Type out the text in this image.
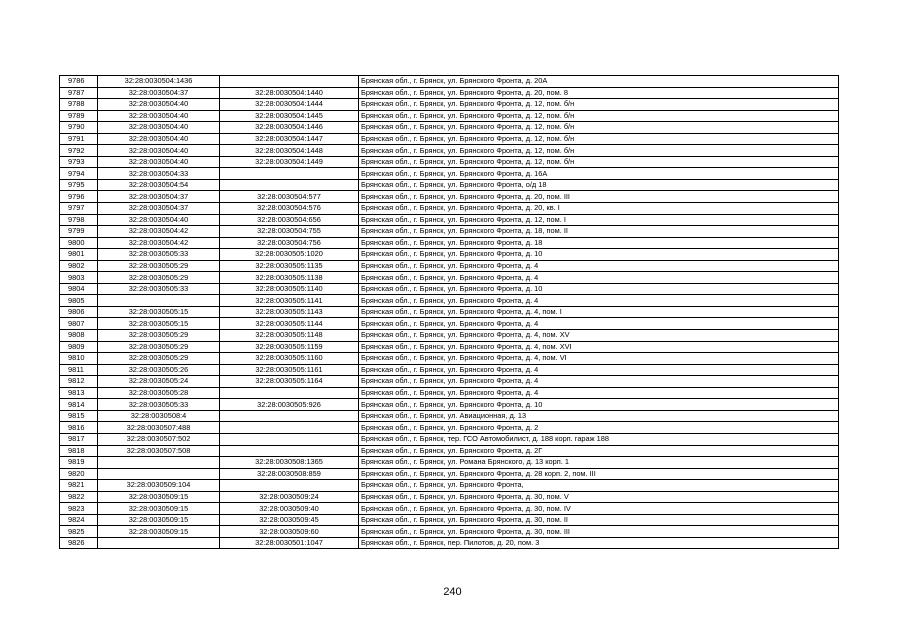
9786	32:28:0030504:1436		Брянская обл., г. Брянск, ул. Брянского Фронта, д. 20А
9787	32:28:0030504:37	32:28:0030504:1440	Брянская обл., г. Брянск, ул. Брянского Фронта, д. 20, пом. 8
9788	32:28:0030504:40	32:28:0030504:1444	Брянская обл., г. Брянск, ул. Брянского Фронта, д. 12, пом. б/н
9789	32:28:0030504:40	32:28:0030504:1445	Брянская обл., г. Брянск, ул. Брянского Фронта, д. 12, пом. б/н
9790	32:28:0030504:40	32:28:0030504:1446	Брянская обл., г. Брянск, ул. Брянского Фронта, д. 12, пом. б/н
9791	32:28:0030504:40	32:28:0030504:1447	Брянская обл., г. Брянск, ул. Брянского Фронта, д. 12, пом. б/н
9792	32:28:0030504:40	32:28:0030504:1448	Брянская обл., г. Брянск, ул. Брянского Фронта, д. 12, пом. б/н
9793	32:28:0030504:40	32:28:0030504:1449	Брянская обл., г. Брянск, ул. Брянского Фронта, д. 12, пом. б/н
9794	32:28:0030504:33		Брянская обл., г. Брянск, ул. Брянского Фронта, д. 16А
9795	32:28:0030504:54		Брянская обл., г. Брянск, ул. Брянского Фронта, о/д 18
9796	32:28:0030504:37	32:28:0030504:577	Брянская обл., г. Брянск, ул. Брянского Фронта, д. 20, пом. III
9797	32:28:0030504:37	32:28:0030504:576	Брянская обл., г. Брянск, ул. Брянского Фронта, д. 20, кв. I
9798	32:28:0030504:40	32:28:0030504:656	Брянская обл., г. Брянск, ул. Брянского Фронта, д. 12, пом. I
9799	32:28:0030504:42	32:28:0030504:755	Брянская обл., г. Брянск, ул. Брянского Фронта, д. 18, пом. II
9800	32:28:0030504:42	32:28:0030504:756	Брянская обл., г. Брянск, ул. Брянского Фронта, д. 18
9801	32:28:0030505:33	32:28:0030505:1020	Брянская обл., г. Брянск, ул. Брянского Фронта, д. 10
9802	32:28:0030505:29	32:28:0030505:1135	Брянская обл., г. Брянск, ул. Брянского Фронта, д. 4
9803	32:28:0030505:29	32:28:0030505:1138	Брянская обл., г. Брянск, ул. Брянского Фронта, д. 4
9804	32:28:0030505:33	32:28:0030505:1140	Брянская обл., г. Брянск, ул. Брянского Фронта, д. 10
9805		32:28:0030505:1141	Брянская обл., г. Брянск, ул. Брянского Фронта, д. 4
9806	32:28:0030505:15	32:28:0030505:1143	Брянская обл., г. Брянск, ул. Брянского Фронта, д. 4, пом. I
9807	32:28:0030505:15	32:28:0030505:1144	Брянская обл., г. Брянск, ул. Брянского Фронта, д. 4
9808	32:28:0030505:29	32:28:0030505:1148	Брянская обл., г. Брянск, ул. Брянского Фронта, д. 4, пом. XV
9809	32:28:0030505:29	32:28:0030505:1159	Брянская обл., г. Брянск, ул. Брянского Фронта, д. 4, пом. XVI
9810	32:28:0030505:29	32:28:0030505:1160	Брянская обл., г. Брянск, ул. Брянского Фронта, д. 4, пом. VI
9811	32:28:0030505:26	32:28:0030505:1161	Брянская обл., г. Брянск, ул. Брянского Фронта, д. 4
9812	32:28:0030505:24	32:28:0030505:1164	Брянская обл., г. Брянск, ул. Брянского Фронта, д. 4
9813	32:28:0030505:28		Брянская обл., г. Брянск, ул. Брянского Фронта, д. 4
9814	32:28:0030505:33	32:28:0030505:926	Брянская обл., г. Брянск, ул. Брянского Фронта, д. 10
9815	32:28:0030508:4		Брянская обл., г. Брянск, ул. Авиационная, д. 13
9816	32:28:0030507:488		Брянская обл., г. Брянск, ул. Брянского Фронта, д. 2
9817	32:28:0030507:502		Брянская обл., г. Брянск, тер. ГСО Автомобилист, д. 188 корп. гараж 188
9818	32:28:0030507:508		Брянская обл., г. Брянск, ул. Брянского Фронта, д. 2Г
9819		32:28:0030508:1365	Брянская обл., г. Брянск, ул. Романа Брянского, д. 13 корп. 1
9820		32:28:0030508:859	Брянская обл., г. Брянск, ул. Брянского Фронта, д. 28 корп. 2, пом. III
9821	32:28:0030509:104		Брянская обл., г. Брянск, ул. Брянского Фронта,
9822	32:28:0030509:15	32:28:0030509:24	Брянская обл., г. Брянск, ул. Брянского Фронта, д. 30, пом. V
9823	32:28:0030509:15	32:28:0030509:40	Брянская обл., г. Брянск, ул. Брянского Фронта, д. 30, пом. IV
9824	32:28:0030509:15	32:28:0030509:45	Брянская обл., г. Брянск, ул. Брянского Фронта, д. 30, пом. II
9825	32:28:0030509:15	32:28:0030509:60	Брянская обл., г. Брянск, ул. Брянского Фронта, д. 30, пом. III
9826		32:28:0030501:1047	Брянская обл., г. Брянск, пер. Пилотов, д. 20, пом. 3
240
